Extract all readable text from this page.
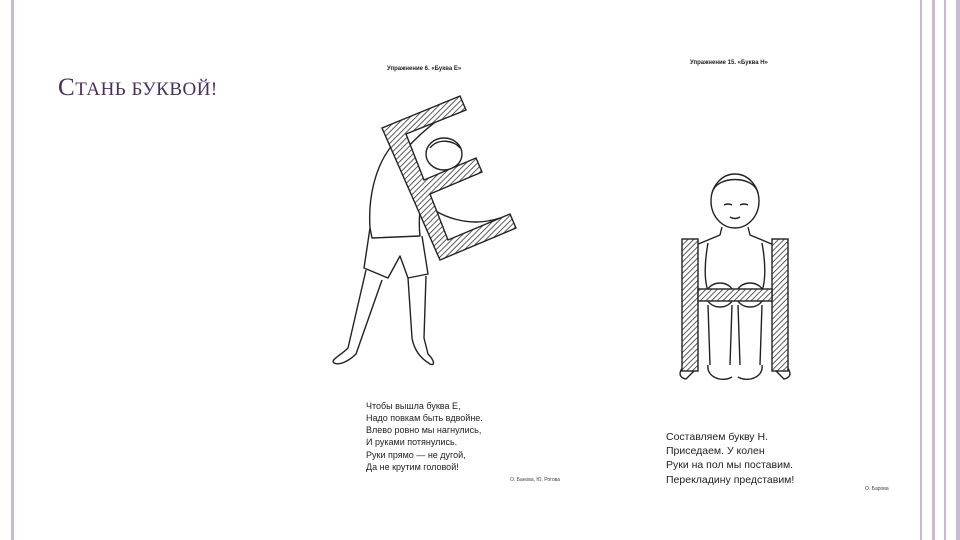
СТАНЬ БУКВОЙ!
Упражнение 6. «Буква Е»
Чтобы вышла буква Е,
Надо повкам быть вдвойне.
Влево ровно мы нагнулись,
И руками потянулись.
Руки прямо — не дугой,
Да не крутим головой!
О. Банова, Ю. Рогова
Упражнение 15. «Буква Н»
Составляем букву Н.
Приседаем. У колен
Руки на пол мы поставим.
Перекладину представим!
О. Барова
